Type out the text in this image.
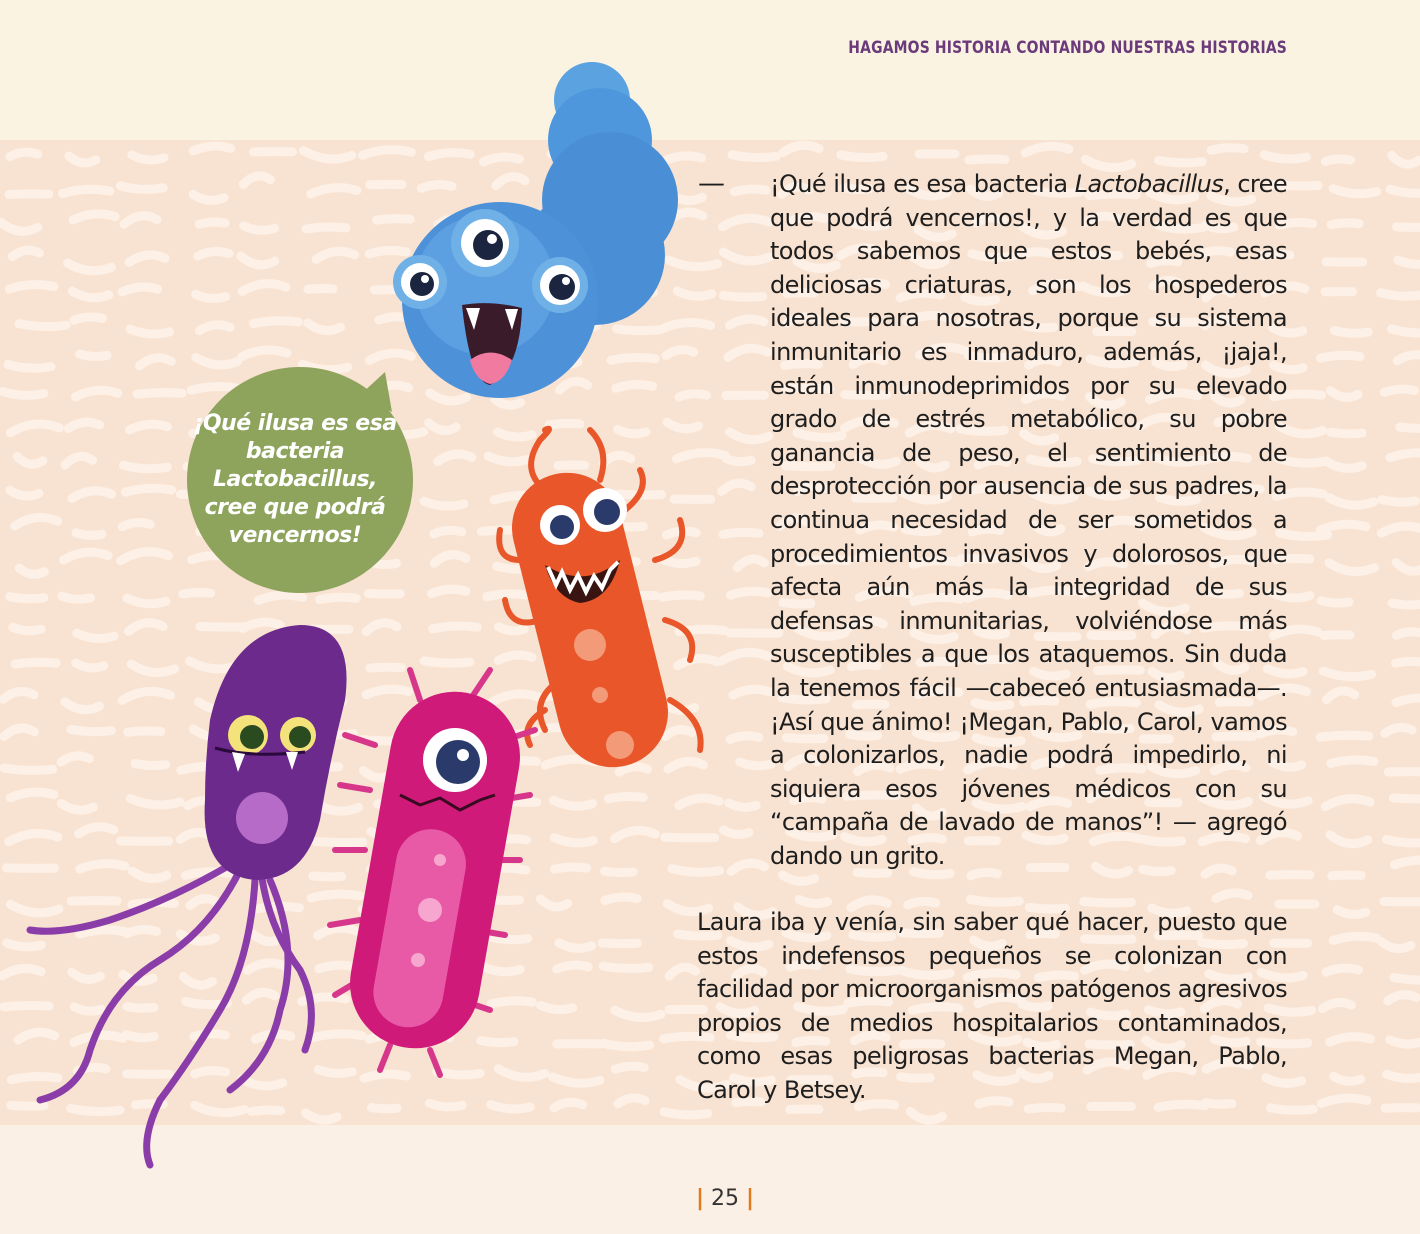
HAGAMOS HISTORIA CONTANDO NUESTRAS HISTORIAS
¡Qué ilusa es esa bacteria Lactobacillus, cree que podrá vencernos!
— ¡Qué ilusa es esa bacteria Lactobacillus, cree que podrá vencernos!, y la verdad es que todos sabemos que estos bebés, esas deliciosas criaturas, son los hospederos ideales para nosotras, porque su sistema inmunitario es inmaduro, además, ¡jaja!, están inmunodeprimidos por su elevado grado de estrés metabólico, su pobre ganancia de peso, el sentimiento de desprotección por ausencia de sus padres, la continua necesidad de ser sometidos a procedimientos invasivos y dolorosos, que afecta aún más la integridad de sus defensas inmunitarias, volviéndose más susceptibles a que los ataquemos. Sin duda la tenemos fácil —cabeceó entusiasmada—. ¡Así que ánimo! ¡Megan, Pablo, Carol, vamos a colonizarlos, nadie podrá impedirlo, ni siquiera esos jóvenes médicos con su “campaña de lavado de manos”! — agregó dando un grito.
Laura iba y venía, sin saber qué hacer, puesto que estos indefensos pequeños se colonizan con facilidad por microorganismos patógenos agresivos propios de medios hospitalarios contaminados, como esas peligrosas bacterias Megan, Pablo, Carol y Betsey.
| 25 |
